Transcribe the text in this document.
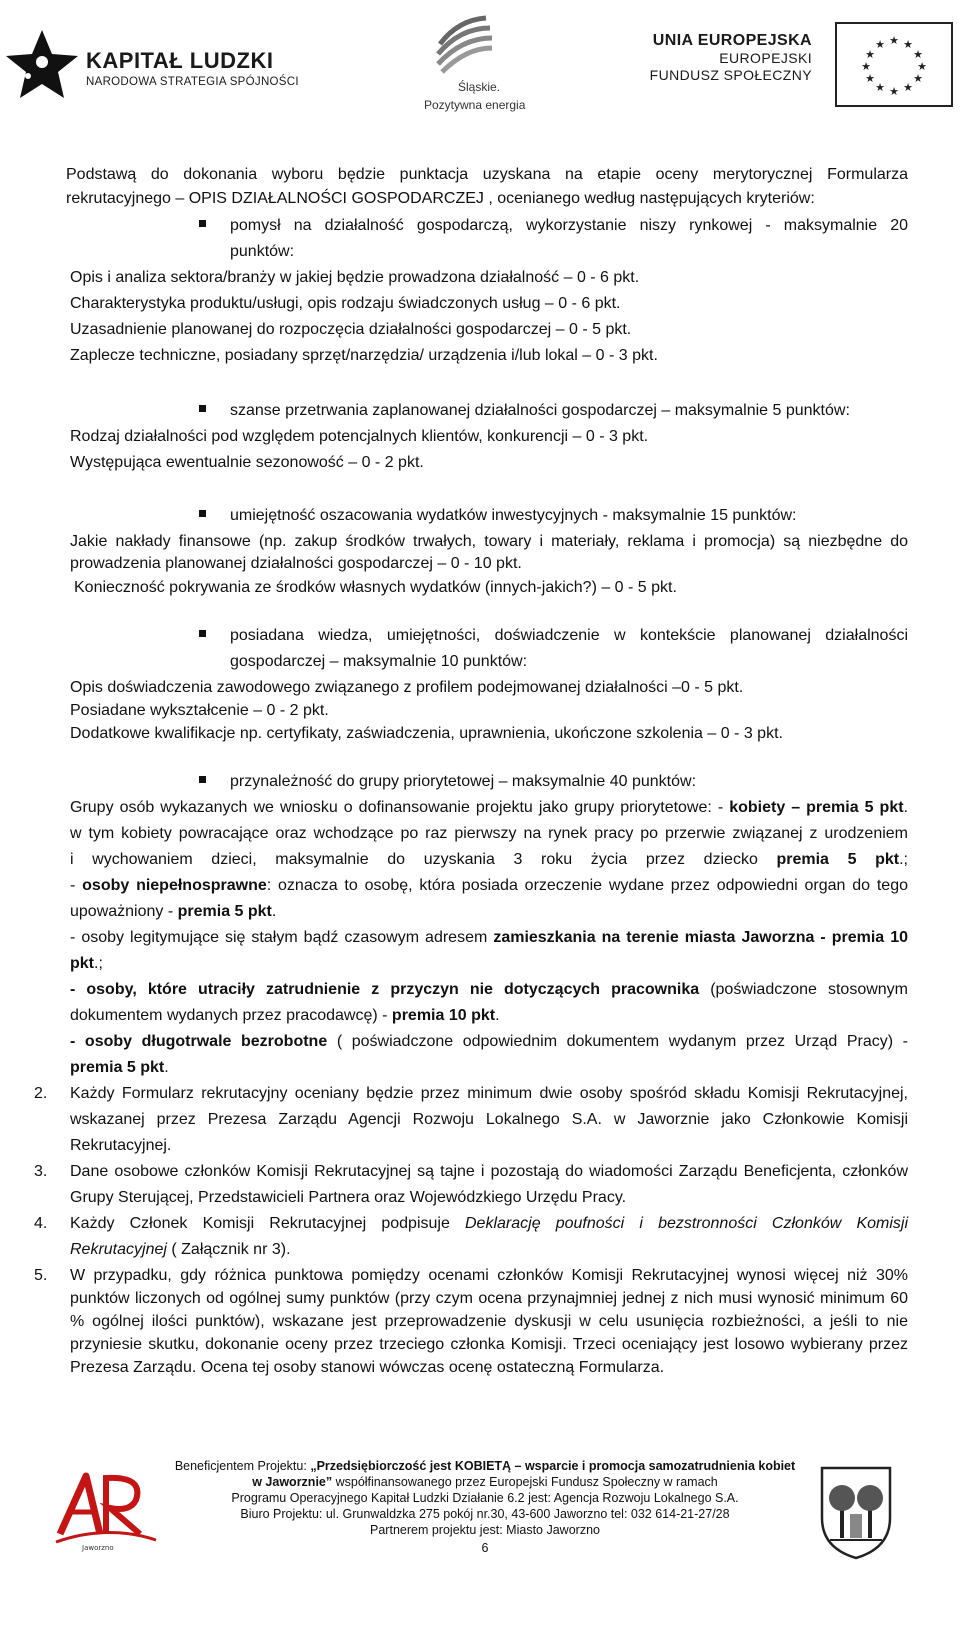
KAPITAŁ LUDZKI
NARODOWA STRATEGIA SPÓJNOŚCI	Śląskie.
Pozytywna energia
UNIA EUROPEJSKA
EUROPEJSKI
FUNDUSZ SPOŁECZNY
★ ★
★
★
★
★
★
★
★
★
★
★
Podstawą do dokonania wyboru będzie punktacja uzyskana na etapie oceny merytorycznej Formularza
rekrutacyjnego – OPIS DZIAŁALNOŚCI GOSPODARCZEJ , ocenianego według następujących kryteriów:
pomysł na działalność gospodarczą, wykorzystanie niszy rynkowej - maksymalnie 20
punktów:
Opis i analiza sektora/branży w jakiej będzie prowadzona działalność – 0 - 6 pkt.
Charakterystyka produktu/usługi, opis rodzaju świadczonych usług – 0 - 6 pkt.
Uzasadnienie planowanej do rozpoczęcia działalności gospodarczej – 0 - 5 pkt.
Zaplecze techniczne, posiadany sprzęt/narzędzia/ urządzenia i/lub lokal – 0 - 3 pkt.
szanse przetrwania zaplanowanej działalności gospodarczej – maksymalnie 5 punktów:
Rodzaj działalności pod względem potencjalnych klientów, konkurencji – 0 - 3 pkt.
Występująca ewentualnie sezonowość – 0 - 2 pkt.
umiejętność oszacowania wydatków inwestycyjnych - maksymalnie 15 punktów:
Jakie nakłady finansowe (np. zakup środków trwałych, towary i materiały, reklama i promocja) są niezbędne do
prowadzenia planowanej działalności gospodarczej – 0 - 10 pkt.
Konieczność pokrywania ze środków własnych wydatków (innych-jakich?) – 0 - 5 pkt.
posiadana wiedza, umiejętności, doświadczenie w kontekście planowanej działalności
gospodarczej – maksymalnie 10 punktów:
Opis doświadczenia zawodowego związanego z profilem podejmowanej działalności –0 - 5 pkt.
Posiadane wykształcenie – 0 - 2 pkt.
Dodatkowe kwalifikacje np. certyfikaty, zaświadczenia, uprawnienia, ukończone szkolenia – 0 - 3 pkt.
przynależność do grupy priorytetowej – maksymalnie 40 punktów:
Grupy osób wykazanych we wniosku o dofinansowanie projektu jako grupy priorytetowe: - kobiety – premia 5 pkt.
w tym kobiety powracające oraz wchodzące po raz pierwszy na rynek pracy po przerwie związanej z urodzeniem
i wychowaniem dzieci, maksymalnie do uzyskania 3 roku życia przez dziecko premia 5 pkt.;
- osoby niepełnosprawne: oznacza to osobę, która posiada orzeczenie wydane przez odpowiedni organ do tego
upoważniony - premia 5 pkt.
- osoby legitymujące się stałym bądź czasowym adresem zamieszkania na terenie miasta Jaworzna - premia 10
pkt.;
- osoby, które utraciły zatrudnienie z przyczyn nie dotyczących pracownika (poświadczone stosownym
dokumentem wydanych przez pracodawcę) - premia 10 pkt.
- osoby długotrwale bezrobotne ( poświadczone odpowiednim dokumentem wydanym przez Urząd Pracy) -
premia 5 pkt.
2. Każdy Formularz rekrutacyjny oceniany będzie przez minimum dwie osoby spośród składu Komisji Rekrutacyjnej,
wskazanej przez Prezesa Zarządu Agencji Rozwoju Lokalnego S.A. w Jaworznie jako Członkowie Komisji
Rekrutacyjnej.
3. Dane osobowe członków Komisji Rekrutacyjnej są tajne i pozostają do wiadomości Zarządu Beneficjenta, członków
Grupy Sterującej, Przedstawicieli Partnera oraz Wojewódzkiego Urzędu Pracy.
4. Każdy Członek Komisji Rekrutacyjnej podpisuje Deklarację poufności i bezstronności Członków Komisji
Rekrutacyjnej ( Załącznik nr 3).
5. W przypadku, gdy różnica punktowa pomiędzy ocenami członków Komisji Rekrutacyjnej wynosi więcej niż 30%
punktów liczonych od ogólnej sumy punktów (przy czym ocena przynajmniej jednej z nich musi wynosić minimum 60
% ogólnej ilości punktów), wskazane jest przeprowadzenie dyskusji w celu usunięcia rozbieżności, a jeśli to nie
przyniesie skutku, dokonanie oceny przez trzeciego członka Komisji. Trzeci oceniający jest losowo wybierany przez
Prezesa Zarządu. Ocena tej osoby stanowi wówczas ocenę ostateczną Formularza.
Jaworzno
Beneficjentem Projektu: „Przedsiębiorczość jest KOBIETĄ – wsparcie i promocja samozatrudnienia kobiet
w Jaworznie” współfinansowanego przez Europejski Fundusz Społeczny w ramach
Programu Operacyjnego Kapitał Ludzki Działanie 6.2 jest: Agencja Rozwoju Lokalnego S.A.
Biuro Projektu: ul. Grunwaldzka 275 pokój nr.30, 43-600 Jaworzno tel: 032 614-21-27/28
Partnerem projektu jest: Miasto Jaworzno
6
